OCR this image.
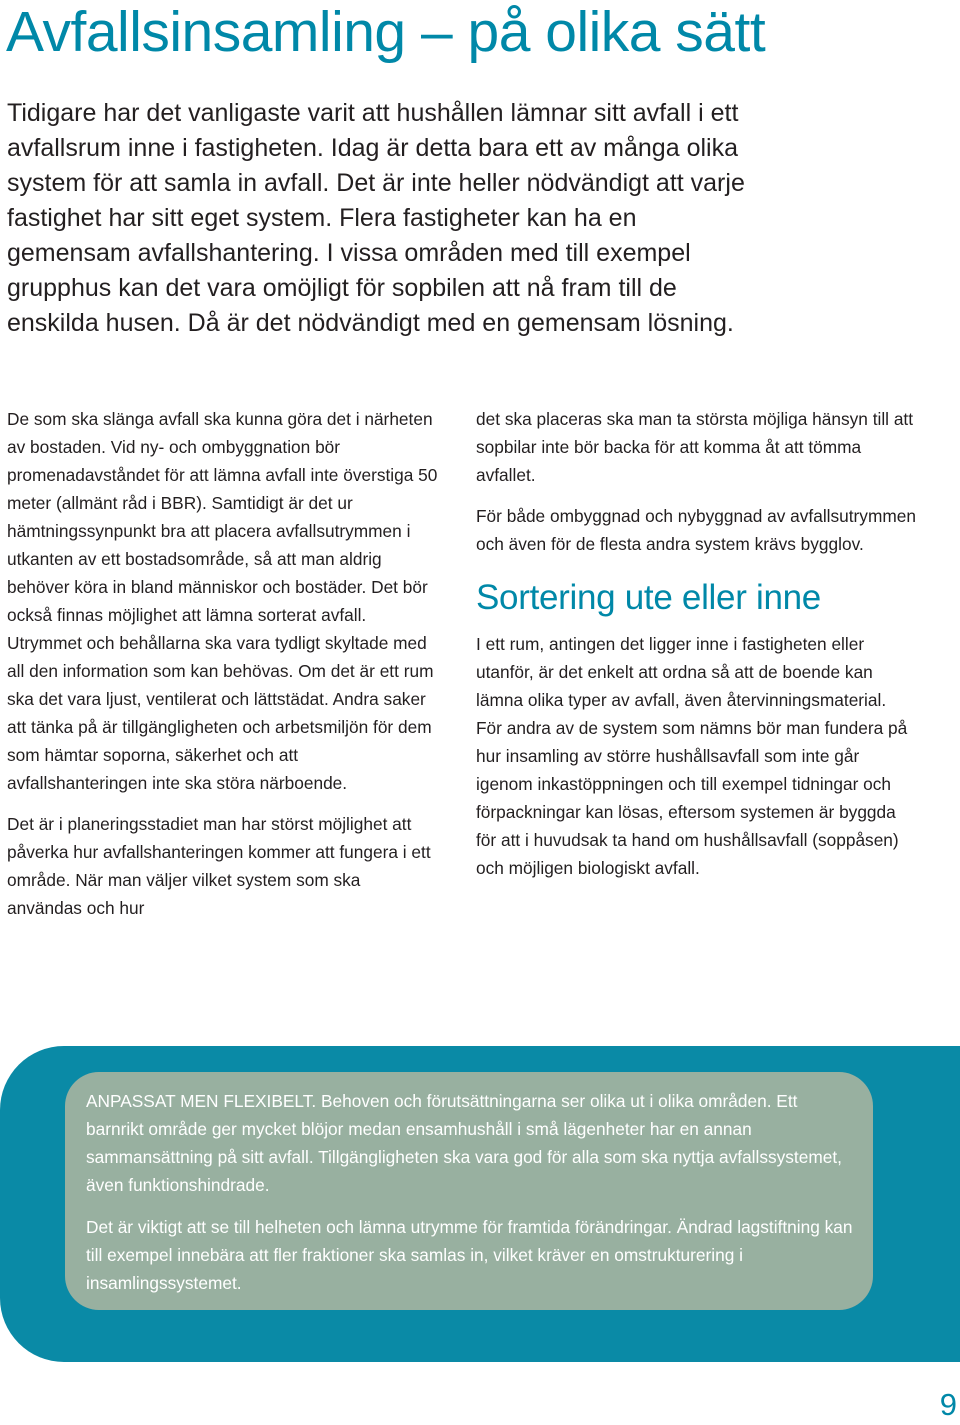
Avfallsinsamling – på olika sätt

Tidigare har det vanligaste varit att hushållen lämnar sitt avfall i ett avfallsrum inne i fastigheten. Idag är detta bara ett av många olika system för att samla in avfall. Det är inte heller nödvändigt att varje fastighet har sitt eget system. Flera fastigheter kan ha en gemensam avfallshantering. I vissa områden med till exempel grupphus kan det vara omöjligt för sopbilen att nå fram till de enskilda husen. Då är det nödvändigt med en gemensam lösning.

De som ska slänga avfall ska kunna göra det i närheten av bostaden. Vid ny- och ombyggnation bör promenadavståndet för att lämna avfall inte överstiga 50 meter (allmänt råd i BBR). Samtidigt är det ur hämtningssynpunkt bra att placera avfallsutrymmen i utkanten av ett bostadsområde, så att man aldrig behöver köra in bland människor och bostäder. Det bör också finnas möjlighet att lämna sorterat avfall. Utrymmet och behållarna ska vara tydligt skyltade med all den information som kan behövas. Om det är ett rum ska det vara ljust, ventilerat och lättstädat. Andra saker att tänka på är tillgängligheten och arbetsmiljön för dem som hämtar soporna, säkerhet och att avfallshanteringen inte ska störa närboende.

Det är i planeringsstadiet man har störst möjlighet att påverka hur avfallshanteringen kommer att fungera i ett område. När man väljer vilket system som ska användas och hur

det ska placeras ska man ta största möjliga hänsyn till att sopbilar inte bör backa för att komma åt att tömma avfallet.

För både ombyggnad och nybyggnad av avfallsutrymmen och även för de flesta andra system krävs bygglov.

Sortering ute eller inne

I ett rum, antingen det ligger inne i fastigheten eller utanför, är det enkelt att ordna så att de boende kan lämna olika typer av avfall, även återvinningsmaterial. För andra av de system som nämns bör man fundera på hur insamling av större hushållsavfall som inte går igenom inkastöppningen och till exempel tidningar och förpackningar kan lösas, eftersom systemen är byggda för att i huvudsak ta hand om hushållsavfall (soppåsen) och möjligen biologiskt avfall.

ANPASSAT MEN FLEXIBELT. Behoven och förutsättningarna ser olika ut i olika områden. Ett barnrikt område ger mycket blöjor medan ensamhushåll i små lägenheter har en annan sammansättning på sitt avfall. Tillgängligheten ska vara god för alla som ska nyttja avfallssystemet, även funktionshindrade.

Det är viktigt att se till helheten och lämna utrymme för framtida förändringar. Ändrad lagstiftning kan till exempel innebära att fler fraktioner ska samlas in, vilket kräver en omstrukturering i insamlingssystemet.

9
